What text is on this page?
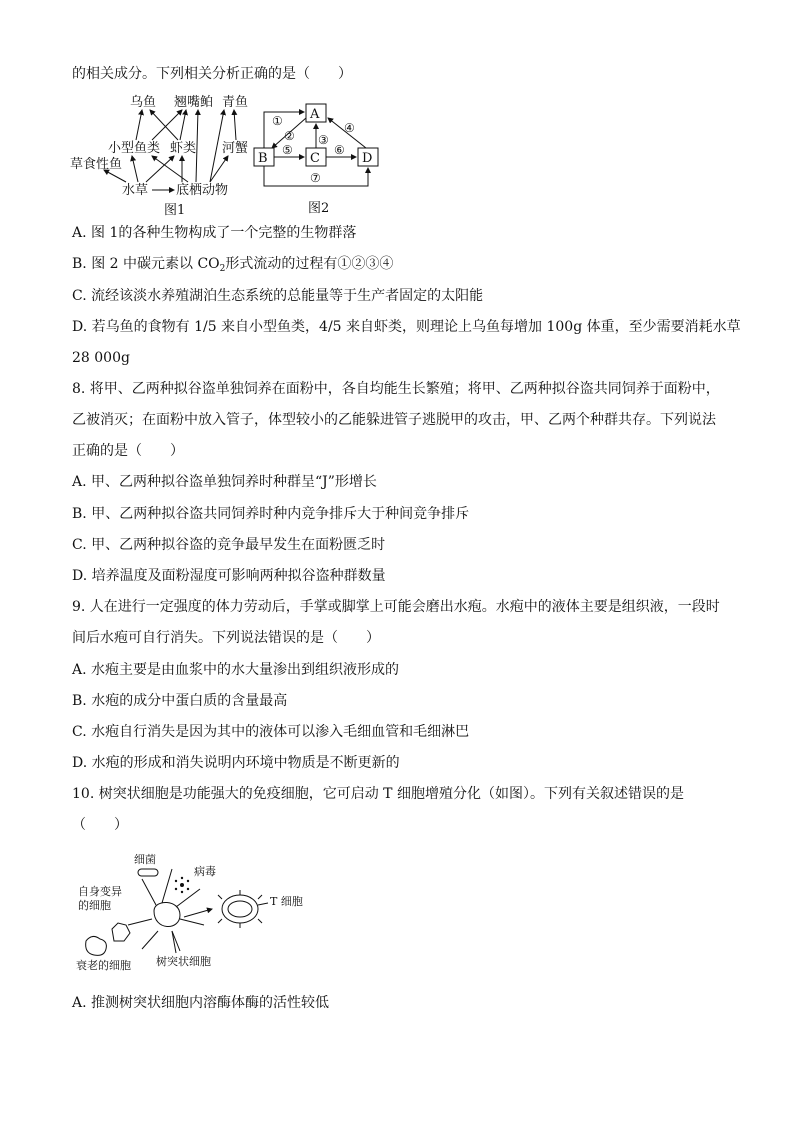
的相关成分。下列相关分析正确的是（　　）
乌鱼 翘嘴鲌 青鱼
小型鱼类 虾类 河蟹
草食性鱼
水草 底栖动物
图1
A
B	C	D
①
② ③
④
⑤	⑥
⑦
图2
A. 图 1的各种生物构成了一个完整的生物群落
B. 图 2 中碳元素以 $CO_2$形式流动的过程有①②③④
C. 流经该淡水养殖湖泊生态系统的总能量等于生产者固定的太阳能
D. 若乌鱼的食物有 1/5 来自小型鱼类，4/5 来自虾类，则理论上乌鱼每增加 100g 体重，至少需要消耗水草
28 000g
8. 将甲、乙两种拟谷盗单独饲养在面粉中，各自均能生长繁殖；将甲、乙两种拟谷盗共同饲养于面粉中，
乙被消灭；在面粉中放入管子，体型较小的乙能躲进管子逃脱甲的攻击，甲、乙两个种群共存。下列说法
正确的是（　　）
A. 甲、乙两种拟谷盗单独饲养时种群呈“J”形增长
B. 甲、乙两种拟谷盗共同饲养时种内竞争排斥大于种间竞争排斥
C. 甲、乙两种拟谷盗的竞争最早发生在面粉匮乏时
D. 培养温度及面粉湿度可影响两种拟谷盗种群数量
9. 人在进行一定强度的体力劳动后，手掌或脚掌上可能会磨出水疱。水疱中的液体主要是组织液，一段时
间后水疱可自行消失。下列说法错误的是（　　）
A. 水疱主要是由血浆中的水大量渗出到组织液形成的
B. 水疱的成分中蛋白质的含量最高
C. 水疱自行消失是因为其中的液体可以渗入毛细血管和毛细淋巴
D. 水疱的形成和消失说明内环境中物质是不断更新的
10. 树突状细胞是功能强大的免疫细胞，它可启动 T 细胞增殖分化（如图）。下列有关叙述错误的是
（　　）
细菌
病毒
自身变异
的细胞
衰老的细胞 树突状细胞
T 细胞
A. 推测树突状细胞内溶酶体酶的活性较低
